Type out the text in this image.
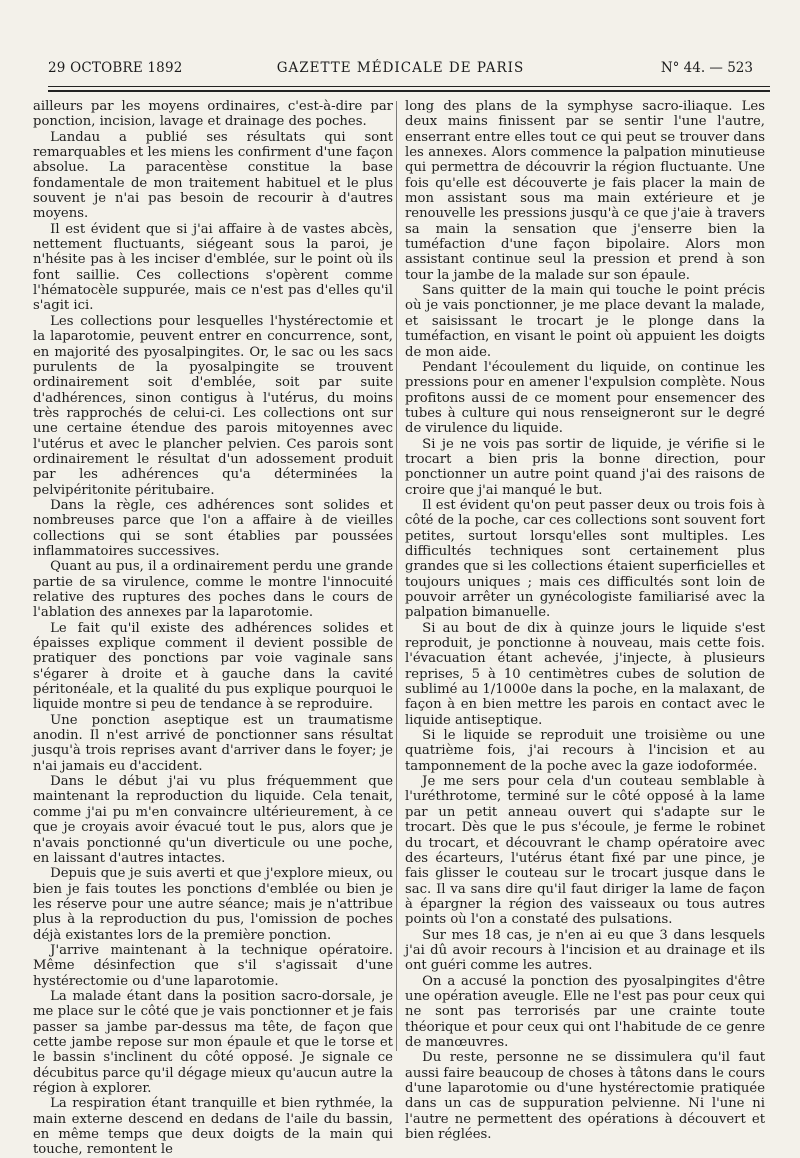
29 OCTOBRE 1892	GAZETTE MÉDICALE DE PARIS	N° 44. — 523

ailleurs par les moyens ordinaires, c'est-à-dire par ponction, incision, lavage et drainage des poches.

Landau a publié ses résultats qui sont remarquables et les miens les confirment d'une façon absolue. La paracentèse constitue la base fondamentale de mon traitement habituel et le plus souvent je n'ai pas besoin de recourir à d'autres moyens.

Il est évident que si j'ai affaire à de vastes abcès, nettement fluctuants, siégeant sous la paroi, je n'hésite pas à les inciser d'emblée, sur le point où ils font saillie. Ces collections s'opèrent comme l'hématocèle suppurée, mais ce n'est pas d'elles qu'il s'agit ici.

Les collections pour lesquelles l'hystérectomie et la laparotomie, peuvent entrer en concurrence, sont, en majorité des pyosalpingites. Or, le sac ou les sacs purulents de la pyosalpingite se trouvent ordinairement soit d'emblée, soit par suite d'adhérences, sinon contigus à l'utérus, du moins très rapprochés de celui-ci. Les collections ont sur une certaine étendue des parois mitoyennes avec l'utérus et avec le plancher pelvien. Ces parois sont ordinairement le résultat d'un adossement produit par les adhérences qu'a déterminées la pelvipéritonite péritubaire.

Dans la règle, ces adhérences sont solides et nombreuses parce que l'on a affaire à de vieilles collections qui se sont établies par poussées inflammatoires successives.

Quant au pus, il a ordinairement perdu une grande partie de sa virulence, comme le montre l'innocuité relative des ruptures des poches dans le cours de l'ablation des annexes par la laparotomie.

Le fait qu'il existe des adhérences solides et épaisses explique comment il devient possible de pratiquer des ponctions par voie vaginale sans s'égarer à droite et à gauche dans la cavité péritonéale, et la qualité du pus explique pourquoi le liquide montre si peu de tendance à se reproduire.

Une ponction aseptique est un traumatisme anodin. Il n'est arrivé de ponctionner sans résultat jusqu'à trois reprises avant d'arriver dans le foyer; je n'ai jamais eu d'accident.

Dans le début j'ai vu plus fréquemment que maintenant la reproduction du liquide. Cela tenait, comme j'ai pu m'en convaincre ultérieurement, à ce que je croyais avoir évacué tout le pus, alors que je n'avais ponctionné qu'un diverticule ou une poche, en laissant d'autres intactes.

Depuis que je suis averti et que j'explore mieux, ou bien je fais toutes les ponctions d'emblée ou bien je les réserve pour une autre séance; mais je n'attribue plus à la reproduction du pus, l'omission de poches déjà existantes lors de la première ponction.

J'arrive maintenant à la technique opératoire. Même désinfection que s'il s'agissait d'une hystérectomie ou d'une laparotomie.

La malade étant dans la position sacro-dorsale, je me place sur le côté que je vais ponctionner et je fais passer sa jambe par-dessus ma tête, de façon que cette jambe repose sur mon épaule et que le torse et le bassin s'inclinent du côté opposé. Je signale ce décubitus parce qu'il dégage mieux qu'aucun autre la région à explorer.

La respiration étant tranquille et bien rythmée, la main externe descend en dedans de l'aile du bassin, en même temps que deux doigts de la main qui touche, remontent le

long des plans de la symphyse sacro-iliaque. Les deux mains finissent par se sentir l'une l'autre, enserrant entre elles tout ce qui peut se trouver dans les annexes. Alors commence la palpation minutieuse qui permettra de découvrir la région fluctuante. Une fois qu'elle est découverte je fais placer la main de mon assistant sous ma main extérieure et je renouvelle les pressions jusqu'à ce que j'aie à travers sa main la sensation que j'enserre bien la tuméfaction d'une façon bipolaire. Alors mon assistant continue seul la pression et prend à son tour la jambe de la malade sur son épaule.

Sans quitter de la main qui touche le point précis où je vais ponctionner, je me place devant la malade, et saisissant le trocart je le plonge dans la tuméfaction, en visant le point où appuient les doigts de mon aide.

Pendant l'écoulement du liquide, on continue les pressions pour en amener l'expulsion complète. Nous profitons aussi de ce moment pour ensemencer des tubes à culture qui nous renseigneront sur le degré de virulence du liquide.

Si je ne vois pas sortir de liquide, je vérifie si le trocart a bien pris la bonne direction, pour ponctionner un autre point quand j'ai des raisons de croire que j'ai manqué le but.

Il est évident qu'on peut passer deux ou trois fois à côté de la poche, car ces collections sont souvent fort petites, surtout lorsqu'elles sont multiples. Les difficultés techniques sont certainement plus grandes que si les collections étaient superficielles et toujours uniques ; mais ces difficultés sont loin de pouvoir arrêter un gynécologiste familiarisé avec la palpation bimanuelle.

Si au bout de dix à quinze jours le liquide s'est reproduit, je ponctionne à nouveau, mais cette fois. l'évacuation étant achevée, j'injecte, à plusieurs reprises, 5 à 10 centimètres cubes de solution de sublimé au 1/1000e dans la poche, en la malaxant, de façon à en bien mettre les parois en contact avec le liquide antiseptique.

Si le liquide se reproduit une troisième ou une quatrième fois, j'ai recours à l'incision et au tamponnement de la poche avec la gaze iodoformée.

Je me sers pour cela d'un couteau semblable à l'uréthrotome, terminé sur le côté opposé à la lame par un petit anneau ouvert qui s'adapte sur le trocart. Dès que le pus s'écoule, je ferme le robinet du trocart, et découvrant le champ opératoire avec des écarteurs, l'utérus étant fixé par une pince, je fais glisser le couteau sur le trocart jusque dans le sac. Il va sans dire qu'il faut diriger la lame de façon à épargner la région des vaisseaux ou tous autres points où l'on a constaté des pulsations.

Sur mes 18 cas, je n'en ai eu que 3 dans lesquels j'ai dû avoir recours à l'incision et au drainage et ils ont guéri comme les autres.

On a accusé la ponction des pyosalpingites d'être une opération aveugle. Elle ne l'est pas pour ceux qui ne sont pas terrorisés par une crainte toute théorique et pour ceux qui ont l'habitude de ce genre de manœuvres.

Du reste, personne ne se dissimulera qu'il faut aussi faire beaucoup de choses à tâtons dans le cours d'une laparotomie ou d'une hystérectomie pratiquée dans un cas de suppuration pelvienne. Ni l'une ni l'autre ne permettent des opérations à découvert et bien réglées.
